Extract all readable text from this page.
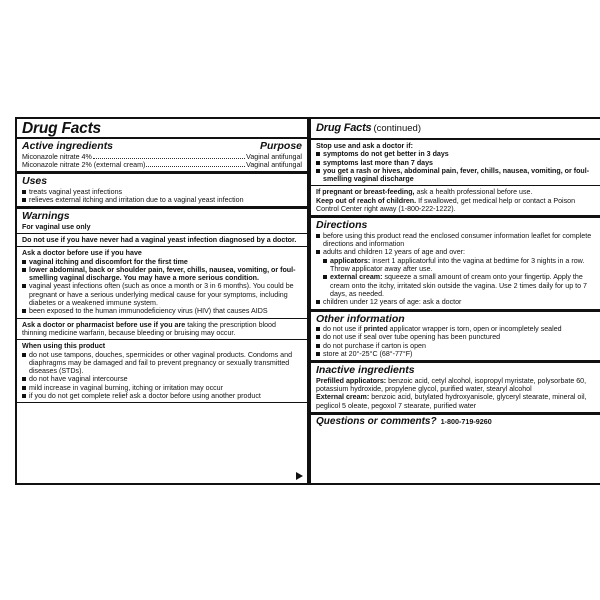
Drug Facts
Active ingredients	Purpose
Miconazole nitrate 4%	Vaginal antifungal
Miconazole nitrate 2% (external cream)	Vaginal antifungal
Uses
treats vaginal yeast infections
relieves external itching and irritation due to a vaginal yeast infection
Warnings
For vaginal use only
Do not use if you have never had a vaginal yeast infection diagnosed by a doctor.
Ask a doctor before use if you have
vaginal itching and discomfort for the first time
lower abdominal, back or shoulder pain, fever, chills, nausea, vomiting, or foul-smelling vaginal discharge. You may have a more serious condition.
vaginal yeast infections often (such as once a month or 3 in 6 months). You could be pregnant or have a serious underlying medical cause for your symptoms, including diabetes or a weakened immune system.
been exposed to the human immunodeficiency virus (HIV) that causes AIDS
Ask a doctor or pharmacist before use if you are taking the prescription blood thinning medicine warfarin, because bleeding or bruising may occur.
When using this product
do not use tampons, douches, spermicides or other vaginal products. Condoms and diaphragms may be damaged and fail to prevent pregnancy or sexually transmitted diseases (STDs).
do not have vaginal intercourse
mild increase in vaginal burning, itching or irritation may occur
if you do not get complete relief ask a doctor before using another product
Drug Facts (continued)
Stop use and ask a doctor if:
symptoms do not get better in 3 days
symptoms last more than 7 days
you get a rash or hives, abdominal pain, fever, chills, nausea, vomiting, or foul-smelling vaginal discharge
If pregnant or breast-feeding, ask a health professional before use.
Keep out of reach of children. If swallowed, get medical help or contact a Poison Control Center right away (1-800-222-1222).
Directions
before using this product read the enclosed consumer information leaflet for complete directions and information
adults and children 12 years of age and over:
applicators: insert 1 applicatorful into the vagina at bedtime for 3 nights in a row. Throw applicator away after use.
external cream: squeeze a small amount of cream onto your fingertip. Apply the cream onto the itchy, irritated skin outside the vagina. Use 2 times daily for up to 7 days, as needed.
children under 12 years of age: ask a doctor
Other information
do not use if printed applicator wrapper is torn, open or incompletely sealed
do not use if seal over tube opening has been punctured
do not purchase if carton is open
store at 20°-25°C (68°-77°F)
Inactive ingredients
Prefilled applicators: benzoic acid, cetyl alcohol, isopropyl myristate, polysorbate 60, potassium hydroxide, propylene glycol, purified water, stearyl alcohol
External cream: benzoic acid, butylated hydroxyanisole, glyceryl stearate, mineral oil, peglicol 5 oleate, pegoxol 7 stearate, purified water
Questions or comments? 1-800-719-9260
